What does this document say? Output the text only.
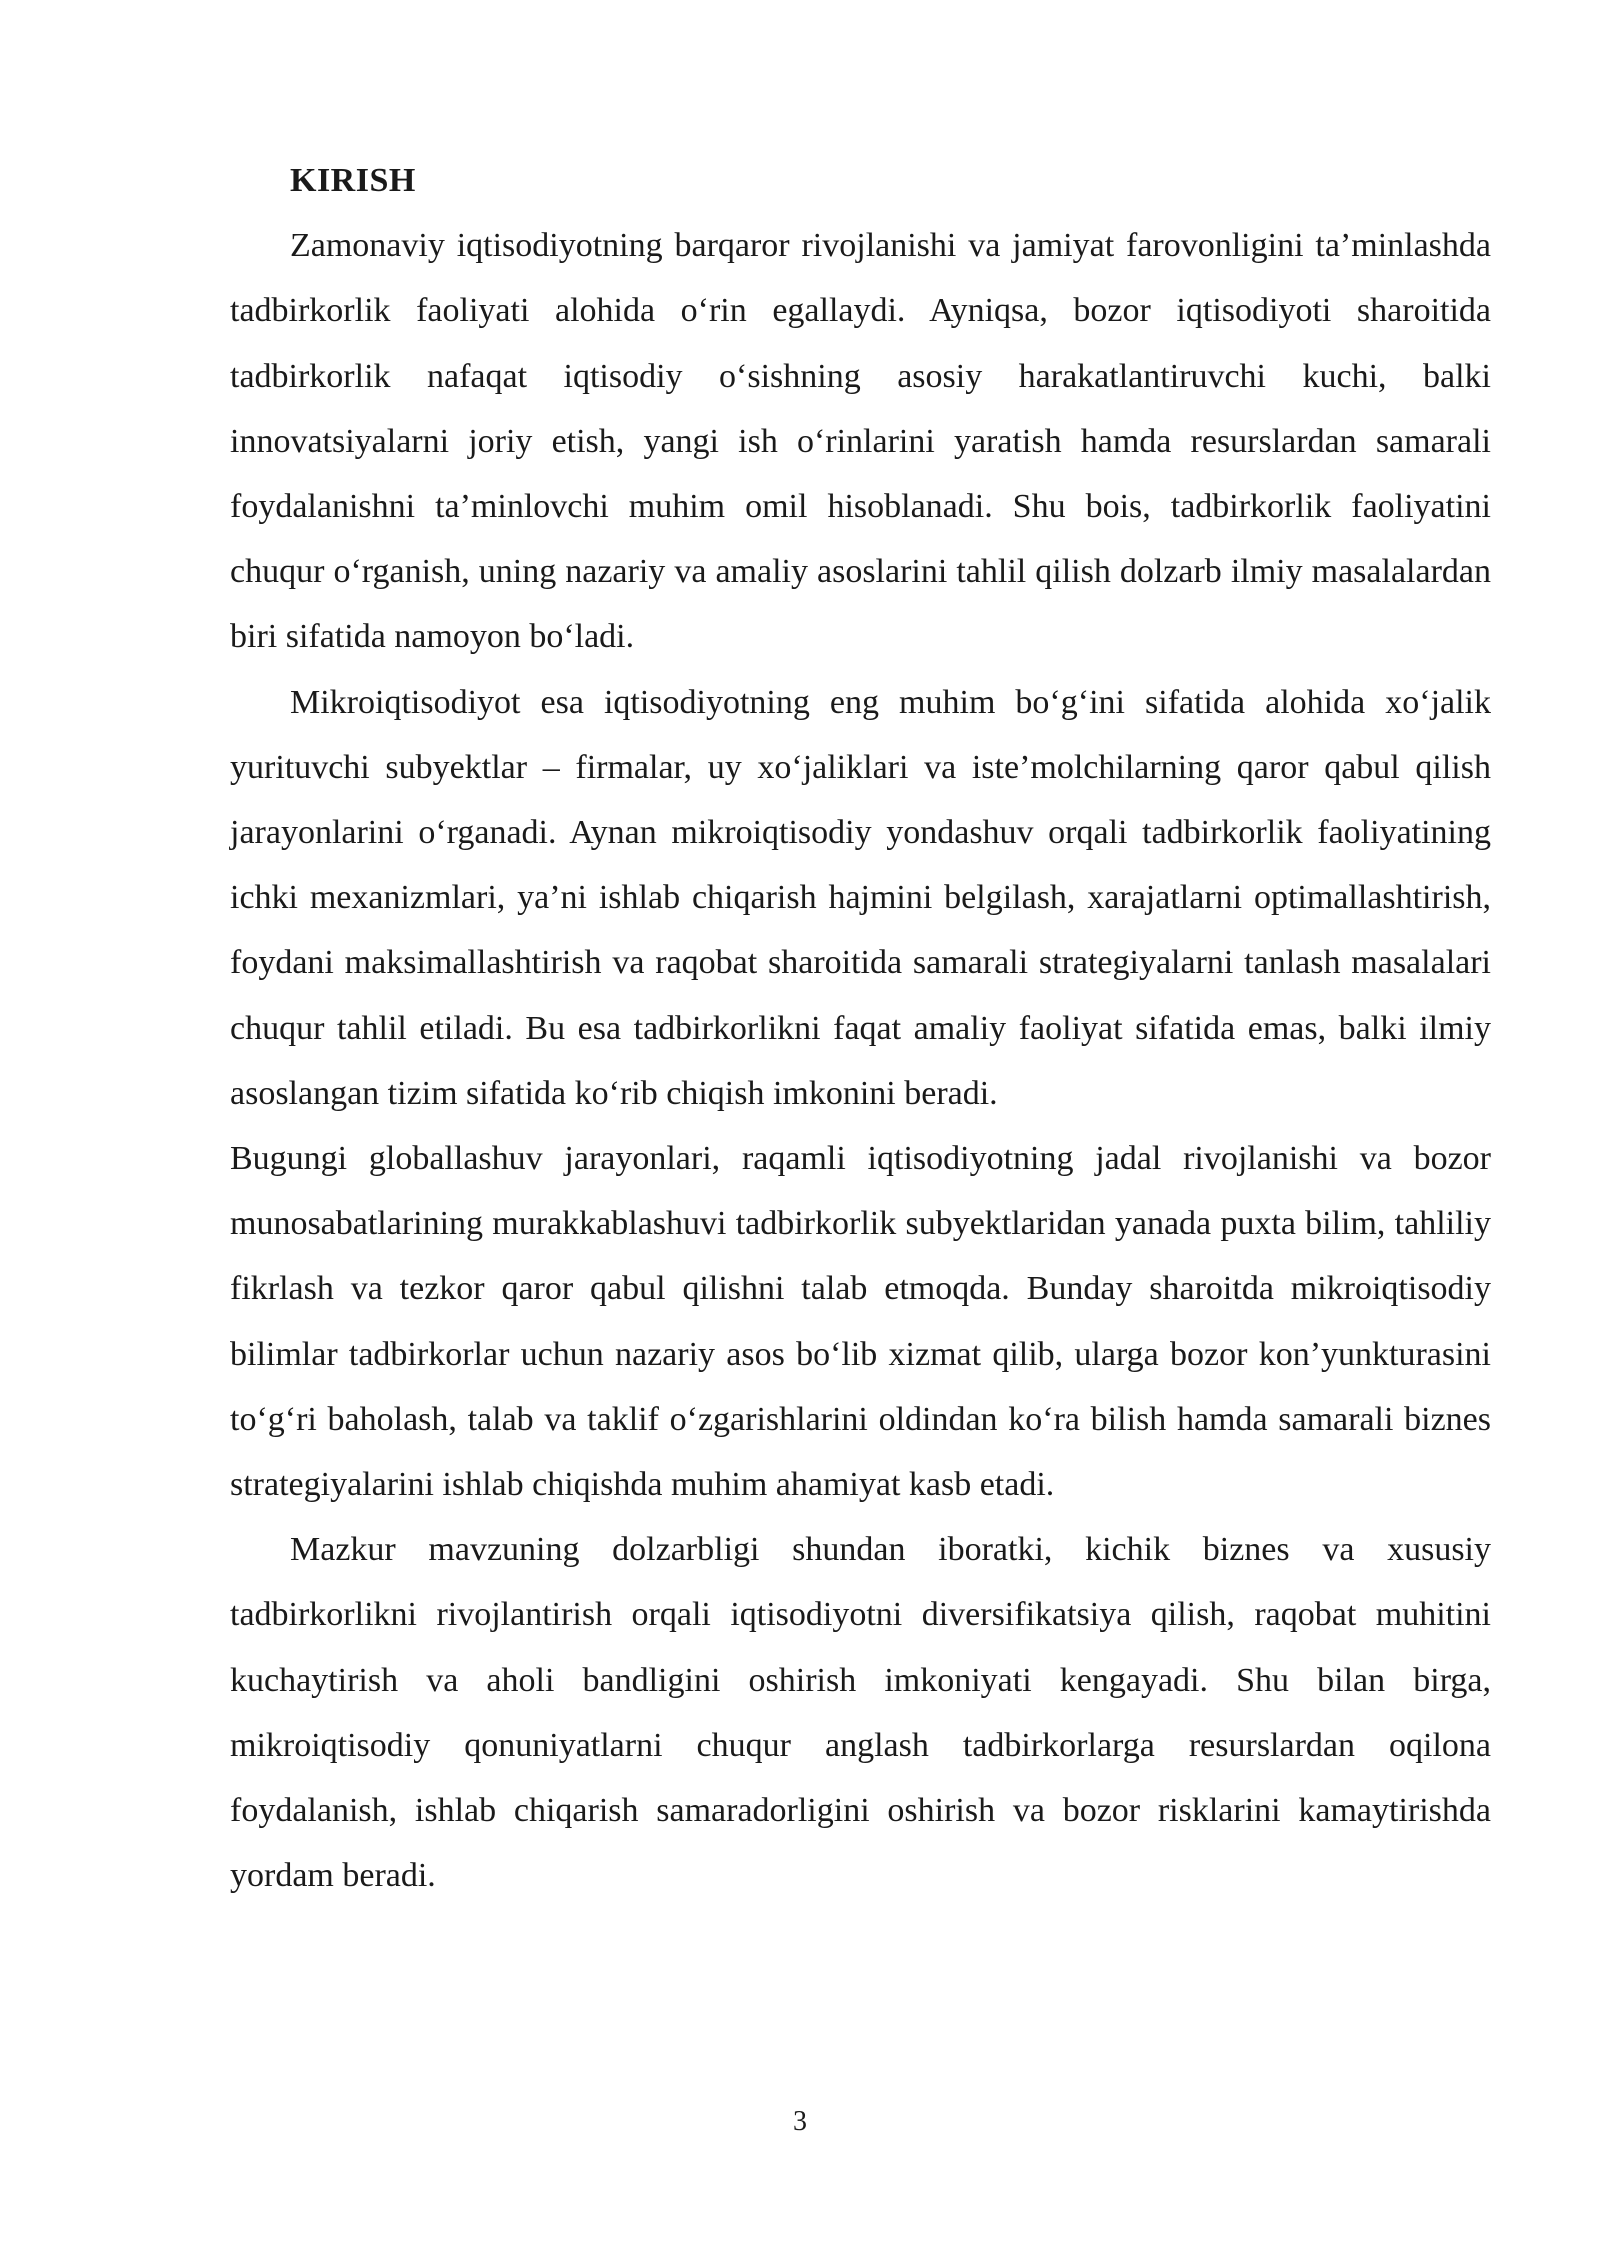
KIRISH

Zamonaviy iqtisodiyotning barqaror rivojlanishi va jamiyat farovonligini ta’minlashda tadbirkorlik faoliyati alohida o‘rin egallaydi. Ayniqsa, bozor iqtisodiyoti sharoitida tadbirkorlik nafaqat iqtisodiy o‘sishning asosiy harakatlantiruvchi kuchi, balki innovatsiyalarni joriy etish, yangi ish o‘rinlarini yaratish hamda resurslardan samarali foydalanishni ta’minlovchi muhim omil hisoblanadi. Shu bois, tadbirkorlik faoliyatini chuqur o‘rganish, uning nazariy va amaliy asoslarini tahlil qilish dolzarb ilmiy masalalardan biri sifatida namoyon bo‘ladi.

Mikroiqtisodiyot esa iqtisodiyotning eng muhim bo‘g‘ini sifatida alohida xo‘jalik yurituvchi subyektlar – firmalar, uy xo‘jaliklari va iste’molchilarning qaror qabul qilish jarayonlarini o‘rganadi. Aynan mikroiqtisodiy yondashuv orqali tadbirkorlik faoliyatining ichki mexanizmlari, ya’ni ishlab chiqarish hajmini belgilash, xarajatlarni optimallashtirish, foydani maksimallashtirish va raqobat sharoitida samarali strategiyalarni tanlash masalalari chuqur tahlil etiladi. Bu esa tadbirkorlikni faqat amaliy faoliyat sifatida emas, balki ilmiy asoslangan tizim sifatida ko‘rib chiqish imkonini beradi.

Bugungi globallashuv jarayonlari, raqamli iqtisodiyotning jadal rivojlanishi va bozor munosabatlarining murakkablashuvi tadbirkorlik subyektlaridan yanada puxta bilim, tahliliy fikrlash va tezkor qaror qabul qilishni talab etmoqda. Bunday sharoitda mikroiqtisodiy bilimlar tadbirkorlar uchun nazariy asos bo‘lib xizmat qilib, ularga bozor kon’yunkturasini to‘g‘ri baholash, talab va taklif o‘zgarishlarini oldindan ko‘ra bilish hamda samarali biznes strategiyalarini ishlab chiqishda muhim ahamiyat kasb etadi.

Mazkur mavzuning dolzarbligi shundan iboratki, kichik biznes va xususiy tadbirkorlikni rivojlantirish orqali iqtisodiyotni diversifikatsiya qilish, raqobat muhitini kuchaytirish va aholi bandligini oshirish imkoniyati kengayadi. Shu bilan birga, mikroiqtisodiy qonuniyatlarni chuqur anglash tadbirkorlarga resurslardan oqilona foydalanish, ishlab chiqarish samaradorligini oshirish va bozor risklarini kamaytirishda yordam beradi.

3
